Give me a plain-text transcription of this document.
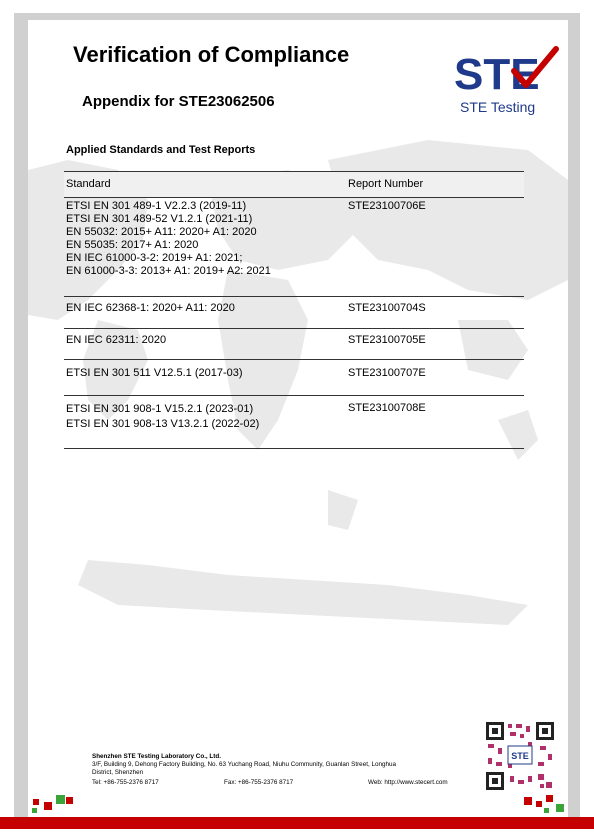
Verification of Compliance
Appendix for STE23062506
STE
STE Testing
Applied Standards and Test Reports
Standard	Report Number
ETSI EN 301 489-1 V2.2.3 (2019-11)
ETSI EN 301 489-52 V1.2.1 (2021-11)
EN 55032: 2015+ A11: 2020+ A1: 2020
EN 55035: 2017+ A1: 2020
EN IEC 61000-3-2: 2019+ A1: 2021;
EN 61000-3-3: 2013+ A1: 2019+ A2: 2021
STE23100706E
EN IEC 62368-1: 2020+ A11: 2020	STE23100704S
EN IEC 62311: 2020	STE23100705E
ETSI EN 301 511 V12.5.1 (2017-03)	STE23100707E
ETSI EN 301 908-1 V15.2.1 (2023-01)
ETSI EN 301 908-13 V13.2.1 (2022-02)
STE23100708E
Shenzhen STE Testing Laboratory Co., Ltd.
3/F, Building 9, Dehong Factory Building, No. 63 Yuchang Road, Niuhu Community, Guanlan Street, Longhua
District, Shenzhen
Tel: +86-755-2376 8717	Fax: +86-755-2376 8717	Web: http://www.stecert.com
STE
